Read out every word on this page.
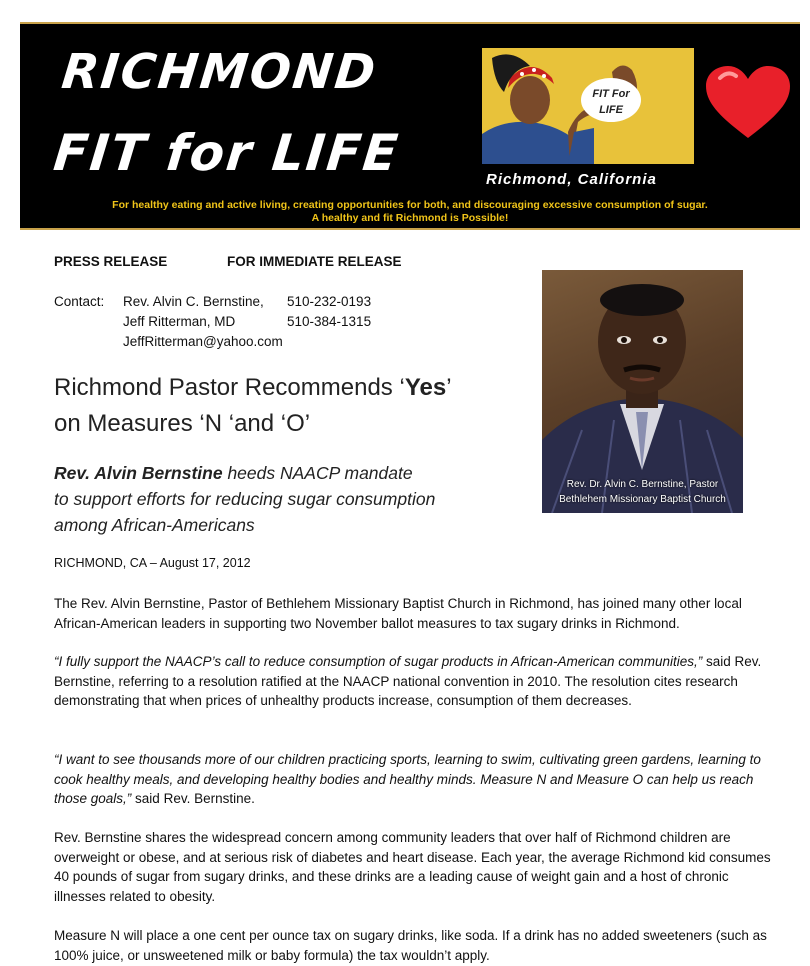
RICHMOND
FIT for LIFE
FIT For LIFE
Richmond, California
For healthy eating and active living, creating opportunities for both, and discouraging excessive consumption of sugar.
A healthy and fit Richmond is Possible!
PRESS RELEASE	FOR IMMEDIATE RELEASE
Contact: Rev. Alvin C. Bernstine, 510-232-0193
Jeff Ritterman, MD	510-384-1315
JeffRitterman@yahoo.com
Rev. Dr. Alvin C. Bernstine, Pastor
Bethlehem Missionary Baptist Church
Richmond Pastor Recommends ‘Yes’
on Measures ‘N ‘and ‘O’
Rev. Alvin Bernstine heeds NAACP mandate
to support efforts for reducing sugar consumption
among African-Americans
RICHMOND, CA – August 17, 2012
The Rev. Alvin Bernstine, Pastor of Bethlehem Missionary Baptist Church in Richmond, has joined many other local African-American leaders in supporting two November ballot measures to tax sugary drinks in Richmond.
“I fully support the NAACP’s call to reduce consumption of sugar products in African-American communities,” said Rev. Bernstine, referring to a resolution ratified at the NAACP national convention in 2010. The resolution cites research demonstrating that when prices of unhealthy products increase, consumption of them decreases.
“I want to see thousands more of our children practicing sports, learning to swim, cultivating green gardens, learning to cook healthy meals, and developing healthy bodies and healthy minds. Measure N and Measure O can help us reach those goals,” said Rev. Bernstine.
Rev. Bernstine shares the widespread concern among community leaders that over half of Richmond children are overweight or obese, and at serious risk of diabetes and heart disease. Each year, the average Richmond kid consumes 40 pounds of sugar from sugary drinks, and these drinks are a leading cause of weight gain and a host of chronic illnesses related to obesity.
Measure N will place a one cent per ounce tax on sugary drinks, like soda. If a drink has no added sweeteners (such as 100% juice, or unsweetened milk or baby formula) the tax wouldn’t apply.
